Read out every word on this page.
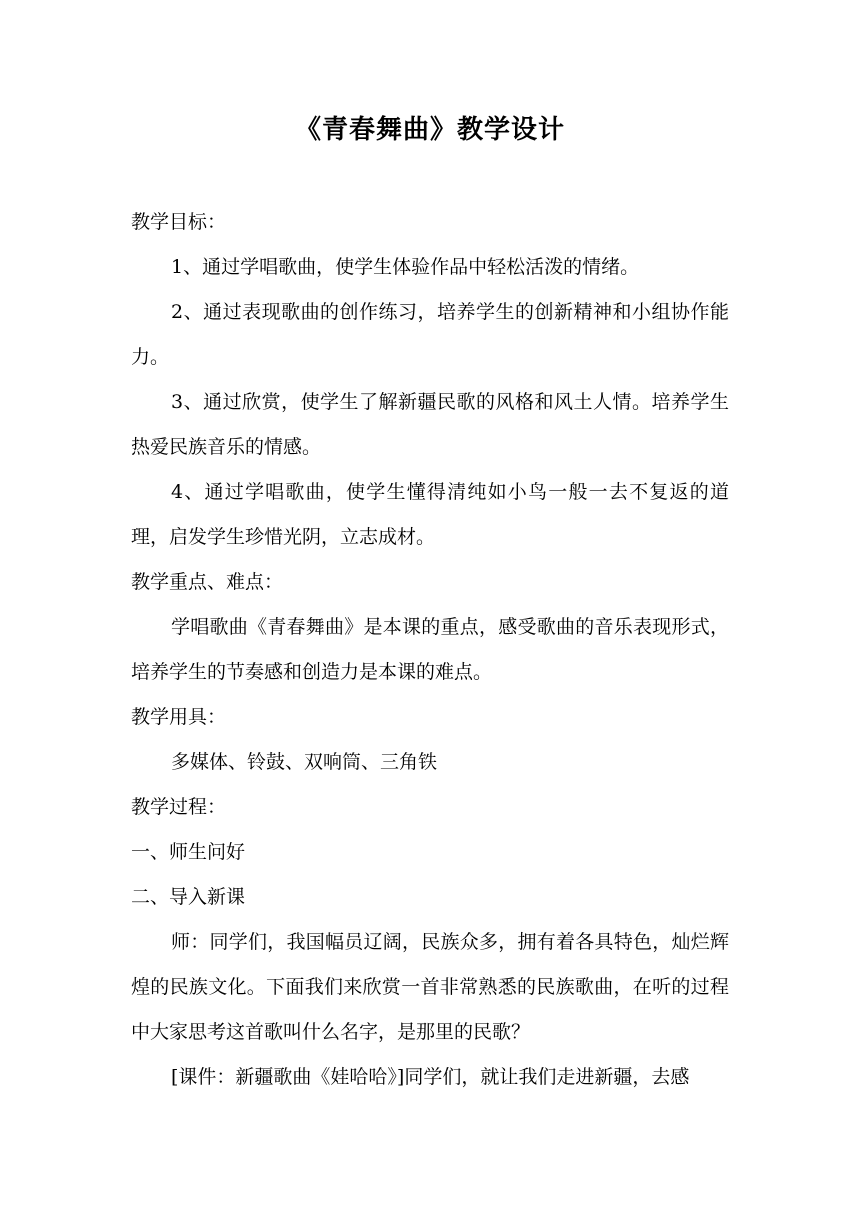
《青春舞曲》教学设计

教学目标：

1、通过学唱歌曲，使学生体验作品中轻松活泼的情绪。

2、通过表现歌曲的创作练习，培养学生的创新精神和小组协作能力。

3、通过欣赏，使学生了解新疆民歌的风格和风土人情。培养学生热爱民族音乐的情感。

4、通过学唱歌曲，使学生懂得清纯如小鸟一般一去不复返的道理，启发学生珍惜光阴，立志成材。

教学重点、难点：

学唱歌曲《青春舞曲》是本课的重点，感受歌曲的音乐表现形式，培养学生的节奏感和创造力是本课的难点。

教学用具：

多媒体、铃鼓、双响筒、三角铁

教学过程：

一、师生问好

二、导入新课

师：同学们，我国幅员辽阔，民族众多，拥有着各具特色，灿烂辉煌的民族文化。下面我们来欣赏一首非常熟悉的民族歌曲，在听的过程中大家思考这首歌叫什么名字，是那里的民歌？

[课件：新疆歌曲《娃哈哈》]同学们，就让我们走进新疆，去感
